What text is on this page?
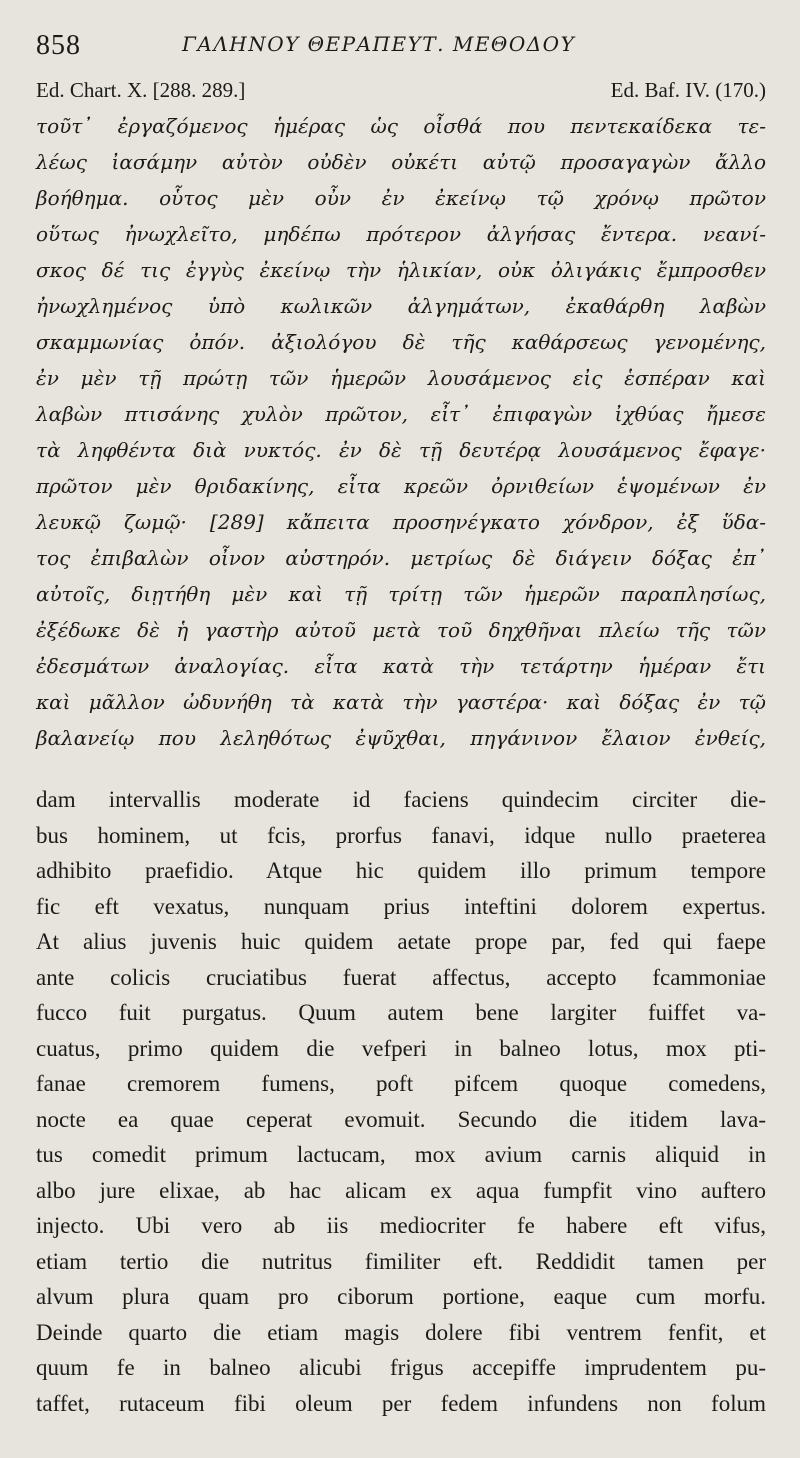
858	ΓΑΛΗΝΟΥ ΘΕΡΑΠΕΥΤ. ΜΕΘΟΔΟΥ
Ed. Chart. X. [288. 289.]	Ed. Baf. IV. (170.)
τοῦτ᾽ ἐργαζόμενος ἡμέρας ὡς οἶσθά που πεντεκαίδεκα τε-
λέως ἰασάμην αὐτὸν οὐδὲν οὐκέτι αὐτῷ προσαγαγὼν ἄλλο
βοήθημα. οὗτος μὲν οὖν ἐν ἐκείνῳ τῷ χρόνῳ πρῶτον
οὕτως ἠνωχλεῖτο, μηδέπω πρότερον ἀλγήσας ἔντερα. νεανί-
σκος δέ τις ἐγγὺς ἐκείνῳ τὴν ἡλικίαν, οὐκ ὀλιγάκις ἔμπροσθεν
ἠνωχλημένος ὑπὸ κωλικῶν ἀλγημάτων, ἐκαθάρθη λαβὼν
σκαμμωνίας ὀπόν. ἀξιολόγου δὲ τῆς καθάρσεως γενομένης,
ἐν μὲν τῇ πρώτῃ τῶν ἡμερῶν λουσάμενος εἰς ἑσπέραν καὶ
λαβὼν πτισάνης χυλὸν πρῶτον, εἶτ᾽ ἐπιφαγὼν ἰχθύας ἤμεσε
τὰ ληφθέντα διὰ νυκτός. ἐν δὲ τῇ δευτέρᾳ λουσάμενος ἔφαγε·
πρῶτον μὲν θριδακίνης, εἶτα κρεῶν ὀρνιθείων ἑψομένων ἐν
λευκῷ ζωμῷ· [289] κἄπειτα προσηνέγκατο χόνδρον, ἐξ ὕδα-
τος ἐπιβαλὼν οἶνον αὐστηρόν. μετρίως δὲ διάγειν δόξας ἐπ᾽
αὐτοῖς, διῃτήθη μὲν καὶ τῇ τρίτῃ τῶν ἡμερῶν παραπλησίως,
ἐξέδωκε δὲ ἡ γαστὴρ αὐτοῦ μετὰ τοῦ δηχθῆναι πλείω τῆς τῶν
ἐδεσμάτων ἀναλογίας. εἶτα κατὰ τὴν τετάρτην ἡμέραν ἔτι
καὶ μᾶλλον ὠδυνήθη τὰ κατὰ τὴν γαστέρα· καὶ δόξας ἐν τῷ
βαλανείῳ που λεληθότως ἐψῦχθαι, πηγάνινον ἔλαιον ἐνθείς,
dam intervallis moderate id faciens quindecim circiter die-
bus hominem, ut fcis, prorfus fanavi, idque nullo praeterea
adhibito praefidio. Atque hic quidem illo primum tempore
fic eft vexatus, nunquam prius inteftini dolorem expertus.
At alius juvenis huic quidem aetate prope par, fed qui faepe
ante colicis cruciatibus fuerat affectus, accepto fcammoniae
fucco fuit purgatus. Quum autem bene largiter fuiffet va-
cuatus, primo quidem die vefperi in balneo lotus, mox pti-
fanae cremorem fumens, poft pifcem quoque comedens,
nocte ea quae ceperat evomuit. Secundo die itidem lava-
tus comedit primum lactucam, mox avium carnis aliquid in
albo jure elixae, ab hac alicam ex aqua fumpfit vino auftero
injecto. Ubi vero ab iis mediocriter fe habere eft vifus,
etiam tertio die nutritus fimiliter eft. Reddidit tamen per
alvum plura quam pro ciborum portione, eaque cum morfu.
Deinde quarto die etiam magis dolere fibi ventrem fenfit, et
quum fe in balneo alicubi frigus accepiffe imprudentem pu-
taffet, rutaceum fibi oleum per fedem infundens non folum
